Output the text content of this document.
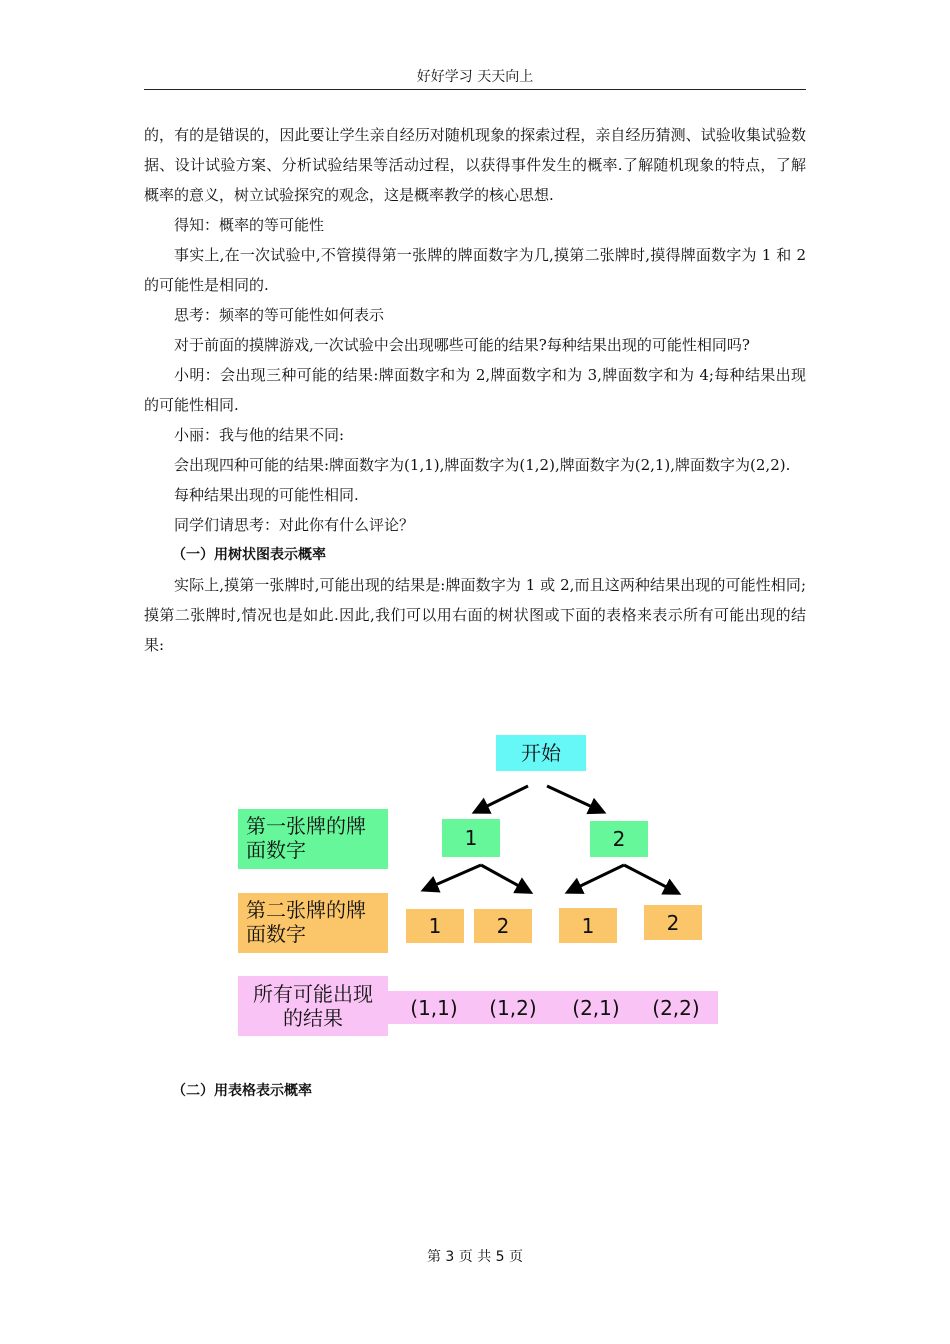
好好学习 天天向上

的，有的是错误的，因此要让学生亲自经历对随机现象的探索过程，亲自经历猜测、试验收集试验数据、设计试验方案、分析试验结果等活动过程，以获得事件发生的概率.了解随机现象的特点，了解概率的意义，树立试验探究的观念，这是概率教学的核心思想.

得知：概率的等可能性

事实上,在一次试验中,不管摸得第一张牌的牌面数字为几,摸第二张牌时,摸得牌面数字为 1 和 2 的可能性是相同的.

思考：频率的等可能性如何表示

对于前面的摸牌游戏,一次试验中会出现哪些可能的结果?每种结果出现的可能性相同吗?

小明：会出现三种可能的结果:牌面数字和为 2,牌面数字和为 3,牌面数字和为 4;每种结果出现的可能性相同.

小丽：我与他的结果不同:

会出现四种可能的结果:牌面数字为(1,1),牌面数字为(1,2),牌面数字为(2,1),牌面数字为(2,2).

每种结果出现的可能性相同.

同学们请思考：对此你有什么评论？

（一）用树状图表示概率

实际上,摸第一张牌时,可能出现的结果是:牌面数字为 1 或 2,而且这两种结果出现的可能性相同;摸第二张牌时,情况也是如此.因此,我们可以用右面的树状图或下面的表格来表示所有可能出现的结果:

开始
第一张牌的牌面数字	1	2
第二张牌的牌面数字	1	2	1	2
所有可能出现的结果	(1,1)	(1,2)	(2,1)	(2,2)
（二）用表格表示概率
第 3 页 共 5 页
